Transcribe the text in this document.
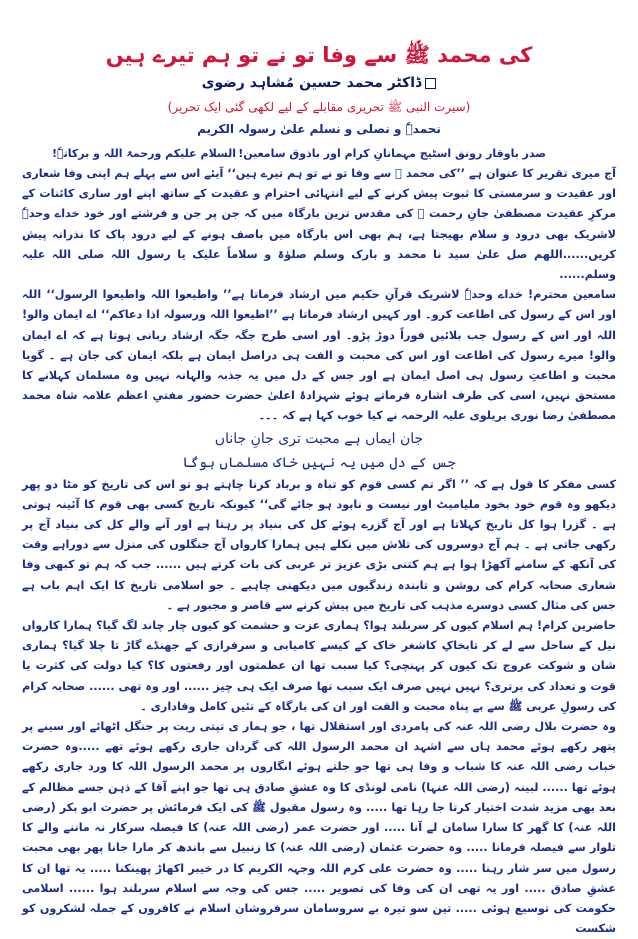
کی محمد ﷺ سے وفا تو نے تو ہم تیرے ہیں
ڈاکٹر محمد حسین مُشاہد رضوی
(سیرت النبی ﷺ تحریری مقابلے کے لیے لکھی گئی ایک تحریر)
نحمدہٗ و نصلی و نسلم علیٰ رسولہ الکریم
صدر باوقار رونق اسٹیج مہمانانِ کرام اور باذوق سامعین!
السلام علیکم ورحمۃ اللہ و برکاتہٗ!

آج میری تقریر کا عنوان ہے ’’کی محمد ﷺ سے وفا تو نے تو ہم تیرے ہیں‘‘ آیئے اس سے پہلے ہم اپنی وفا شعاری اور عقیدت و سرمستی کا ثبوت پیش کرنے کے لیے انتہائی احترام و عقیدت کے ساتھ اپنے اور ساری کائنات کے مرکزِ عقیدت مصطفیٰ جانِ رحمت ﷺ کی مقدس ترین بارگاہ میں کہ جن پر جن و فرشتے اور خود خداے وحدہٗ لاشریک بھی درود و سلام بھیجتا ہے، ہم بھی اس بارگاہ میں باصف ہونے کے لیے درود پاک کا نذرانہ پیش کریں......اللھم صل علیٰ سید نا محمد و بارک وسلم صلوٰۃ و سلاماً علیک یا رسول اللہ صلی اللہ علیہ وسلم......

سامعین محترم! خداے وحدہٗ لاشریک قرآنِ حکیم میں ارشاد فرماتا ہے’’ واطیعوا اللہ واطیعوا الرسول‘‘ اللہ اور اس کے رسول کی اطاعت کرو۔ اور کہیں ارشاد فرماتا ہے ’’اطیعوا اللہ ورسولہ اذا دعاکم‘‘ اے ایمان والو! اللہ اور اس کے رسول جب بلائیں فوراً دوڑ پڑو۔ اور اسی طرح جگہ جگہ ارشاد ربانی ہوتا ہے کہ اے ایمان والو! میرے رسول کی اطاعت اور اس کی محبت و الفت ہی دراصل ایمان ہے بلکہ ایمان کی جان ہے ۔ گویا محبت و اطاعتِ رسول ہی اصل ایمان ہے اور جس کے دل میں یہ جذبہ والہانہ نہیں وہ مسلمان کہلانے کا مستحق نہیں، اسی کی طرف اشارہ فرماتے ہوئے شہزادۂ اعلیٰ حضرت حضور مفتیِ اعظم علامہ شاہ محمد مصطفیٰ رضا نوری بریلوی علیہ الرحمہ نے کیا خوب کہا ہے کہ ۔۔۔

جان ایماں ہے محبت تری جانِ جاناں
جس کے دل میں یہ نہیں خاک مسلماں ہوگا

کسی مفکر کا قول ہے کہ ’’ اگر تم کسی قوم کو تباہ و برباد کرنا چاہتے ہو تو اس کی تاریخ کو مٹا دو پھر دیکھو وہ قوم خود بخود ملیامیٹ اور نیست و نابود ہو جائے گی‘‘ کیونکہ تاریخ کسی بھی قوم کا آئینہ ہوتی ہے ۔ گزرا ہوا کل تاریخ کہلاتا ہے اور آج گزرے ہوئے کل کی بنیاد پر رہتا ہے اور آنے والے کل کی بنیاد آج پر رکھی جاتی ہے ۔ ہم آج دوسروں کی تلاش میں نکلے ہیں ہمارا کارواں آج جنگلوں کی منزل سے دوراہے وقت کی آنکھ کے سامنے آکھڑا ہوا ہے ہم کتنی بڑی عزیز تر عربی کی بات کرتے ہیں ...... جب کہ ہم تو کبھی وفا شعاری صحابہ کرام کی روشن و تابندہ زندگیوں میں دیکھنی چاہیے ۔ جو اسلامی تاریخ کا ایک اہم باب ہے جس کی مثال کسی دوسرے مذہب کی تاریخ میں پیش کرنے سے قاصر و مجبور ہے ۔

حاضرین کرام! ہم اسلام کیوں کر سربلند ہوا؟ ہماری عزت و حشمت کو کیوں چار چاند لگ گیا؟ ہمارا کارواں نیل کے ساحل سے لے کر تابخاکِ کاشغر خاک کے کیسے کامیابی و سرفرازی کے جھنڈے گاڑ تا چلا گیا؟ ہماری شان و شوکت عروج تک کیوں کر پہنچی؟ کیا سبب تھا ان عظمتوں اور رفعتوں کا؟ کیا دولت کی کثرت یا قوت و تعداد کی برتری؟ نہیں نہیں صرف ایک سبب تھا صرف ایک ہی چیز ...... اور وہ تھی ...... صحابہ کرام کی رسولِ عربی ﷺ سے بے پناہ محبت و الفت اور ان کی بارگاہ کے تئیں کامل وفاداری ۔

وہ حضرت بلال رضی اللہ عنہ کی پامردی اور استقلال تھا ، جو ہمار ی تپتی ریت پر جنگل اٹھائے اور سینے پر پتھر رکھے ہوئے محمد ہاں سے اشہد ان محمد الرسول اللہ کی گردان جاری رکھے ہوئے تھے .....وہ حضرت خباب رضی اللہ عنہ کا شباب و وفا ہی تھا جو جلتے ہوئے انگاروں پر محمد الرسول اللہ کا ورد جاری رکھے ہوئے تھا ...... لبینہ (رضی اللہ عنہا) نامی لونڈی کا وہ عشقِ صادق ہی تھا جو اپنے آقا کے ذہن جسے مظالم کے بعد بھی مزید شدت اختیار کرتا جا رہا تھا ..... وہ رسول مقبول ﷺ کی ایک فرمائش پر حضرت ابو بکر (رضی اللہ عنہ) کا گھر کا سارا سامان لے آنا ..... اور حضرت عمر (رضی اللہ عنہ) کا فیصلہ سرکار نہ ماننے والے کا تلوار سے فیصلہ فرمانا ..... وہ حضرت عثمان (رضی اللہ عنہ) کا زنبیل سے باندھ کر مارا جانا پھر بھی محبت رسول میں سر شار رہنا ..... وہ حضرت علی کرم اللہ وجہہ الکریم کا در خیبر اکھاڑ پھینکنا ..... یہ تھا ان کا عشقِ صادق ..... اور یہ تھی ان کی وفا کی تصویر ..... جس کی وجہ سے اسلام سربلند ہوا ...... اسلامی حکومت کی توسیع ہوئی ..... تین سو تیرہ بے سروسامان سرفروشان اسلام نے کافروں کے جملہ لشکروں کو شکست
